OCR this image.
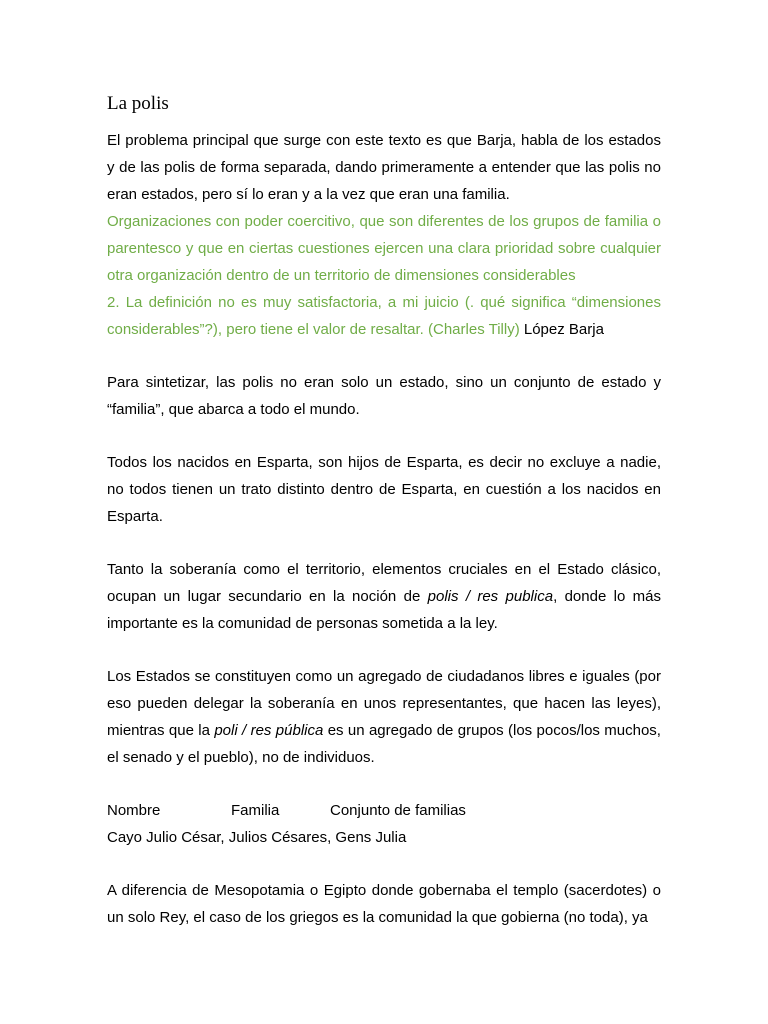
La polis

El problema principal que surge con este texto es que Barja, habla de los estados y de las polis de forma separada, dando primeramente a entender que las polis no eran estados, pero sí lo eran y a la vez que eran una familia.

Organizaciones con poder coercitivo, que son diferentes de los grupos de familia o parentesco y que en ciertas cuestiones ejercen una clara prioridad sobre cualquier otra organización dentro de un territorio de dimensiones considerables

2. La definición no es muy satisfactoria, a mi juicio (. qué significa “dimensiones considerables”?), pero tiene el valor de resaltar. (Charles Tilly) López Barja

Para sintetizar, las polis no eran solo un estado, sino un conjunto de estado y “familia”, que abarca a todo el mundo.

Todos los nacidos en Esparta, son hijos de Esparta, es decir no excluye a nadie, no todos tienen un trato distinto dentro de Esparta, en cuestión a los nacidos en Esparta.

Tanto la soberanía como el territorio, elementos cruciales en el Estado clásico, ocupan un lugar secundario en la noción de polis / res publica, donde lo más importante es la comunidad de personas sometida a la ley.

Los Estados se constituyen como un agregado de ciudadanos libres e iguales (por eso pueden delegar la soberanía en unos representantes, que hacen las leyes), mientras que la poli / res pública es un agregado de grupos (los pocos/los muchos, el senado y el pueblo), no de individuos.

Nombre	Familia	Conjunto de familias
Cayo Julio César, Julios Césares, Gens Julia

A diferencia de Mesopotamia o Egipto donde gobernaba el templo (sacerdotes) o un solo Rey, el caso de los griegos es la comunidad la que gobierna (no toda), ya
